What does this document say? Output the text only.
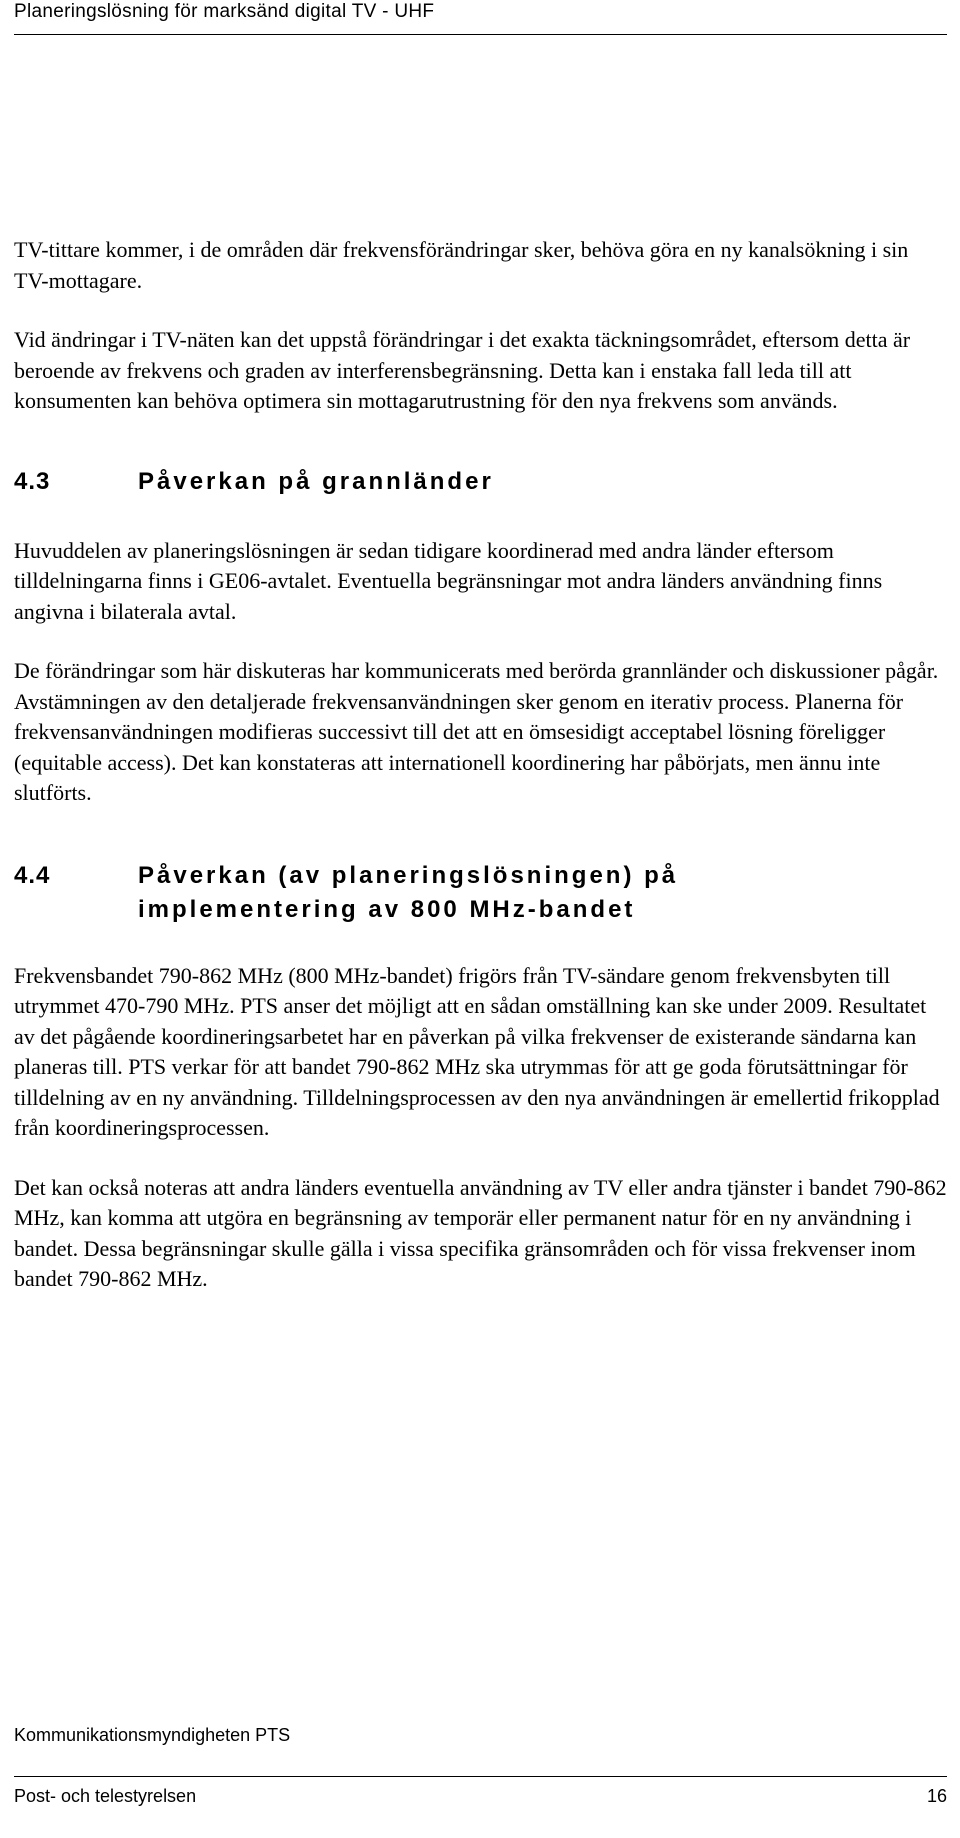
Planeringslösning för marksänd digital TV - UHF

TV-tittare kommer, i de områden där frekvensförändringar sker, behöva göra en ny kanalsökning i sin TV-mottagare.

Vid ändringar i TV-näten kan det uppstå förändringar i det exakta täckningsområdet, eftersom detta är beroende av frekvens och graden av interferensbegränsning. Detta kan i enstaka fall leda till att konsumenten kan behöva optimera sin mottagarutrustning för den nya frekvens som används.

4.3	Påverkan på grannländer

Huvuddelen av planeringslösningen är sedan tidigare koordinerad med andra länder eftersom tilldelningarna finns i GE06-avtalet. Eventuella begränsningar mot andra länders användning finns angivna i bilaterala avtal.

De förändringar som här diskuteras har kommunicerats med berörda grannländer och diskussioner pågår. Avstämningen av den detaljerade frekvensanvändningen sker genom en iterativ process. Planerna för frekvensanvändningen modifieras successivt till det att en ömsesidigt acceptabel lösning föreligger (equitable access). Det kan konstateras att internationell koordinering har påbörjats, men ännu inte slutförts.

4.4	Påverkan (av planeringslösningen) på
implementering av 800 MHz-bandet

Frekvensbandet 790-862 MHz (800 MHz-bandet) frigörs från TV-sändare genom frekvensbyten till utrymmet 470-790 MHz. PTS anser det möjligt att en sådan omställning kan ske under 2009. Resultatet av det pågående koordineringsarbetet har en påverkan på vilka frekvenser de existerande sändarna kan planeras till. PTS verkar för att bandet 790-862 MHz ska utrymmas för att ge goda förutsättningar för tilldelning av en ny användning. Tilldelningsprocessen av den nya användningen är emellertid frikopplad från koordineringsprocessen.

Det kan också noteras att andra länders eventuella användning av TV eller andra tjänster i bandet 790-862 MHz, kan komma att utgöra en begränsning av temporär eller permanent natur för en ny användning i bandet. Dessa begränsningar skulle gälla i vissa specifika gränsområden och för vissa frekvenser inom bandet 790-862 MHz.

Kommunikationsmyndigheten PTS
Post- och telestyrelsen	16
